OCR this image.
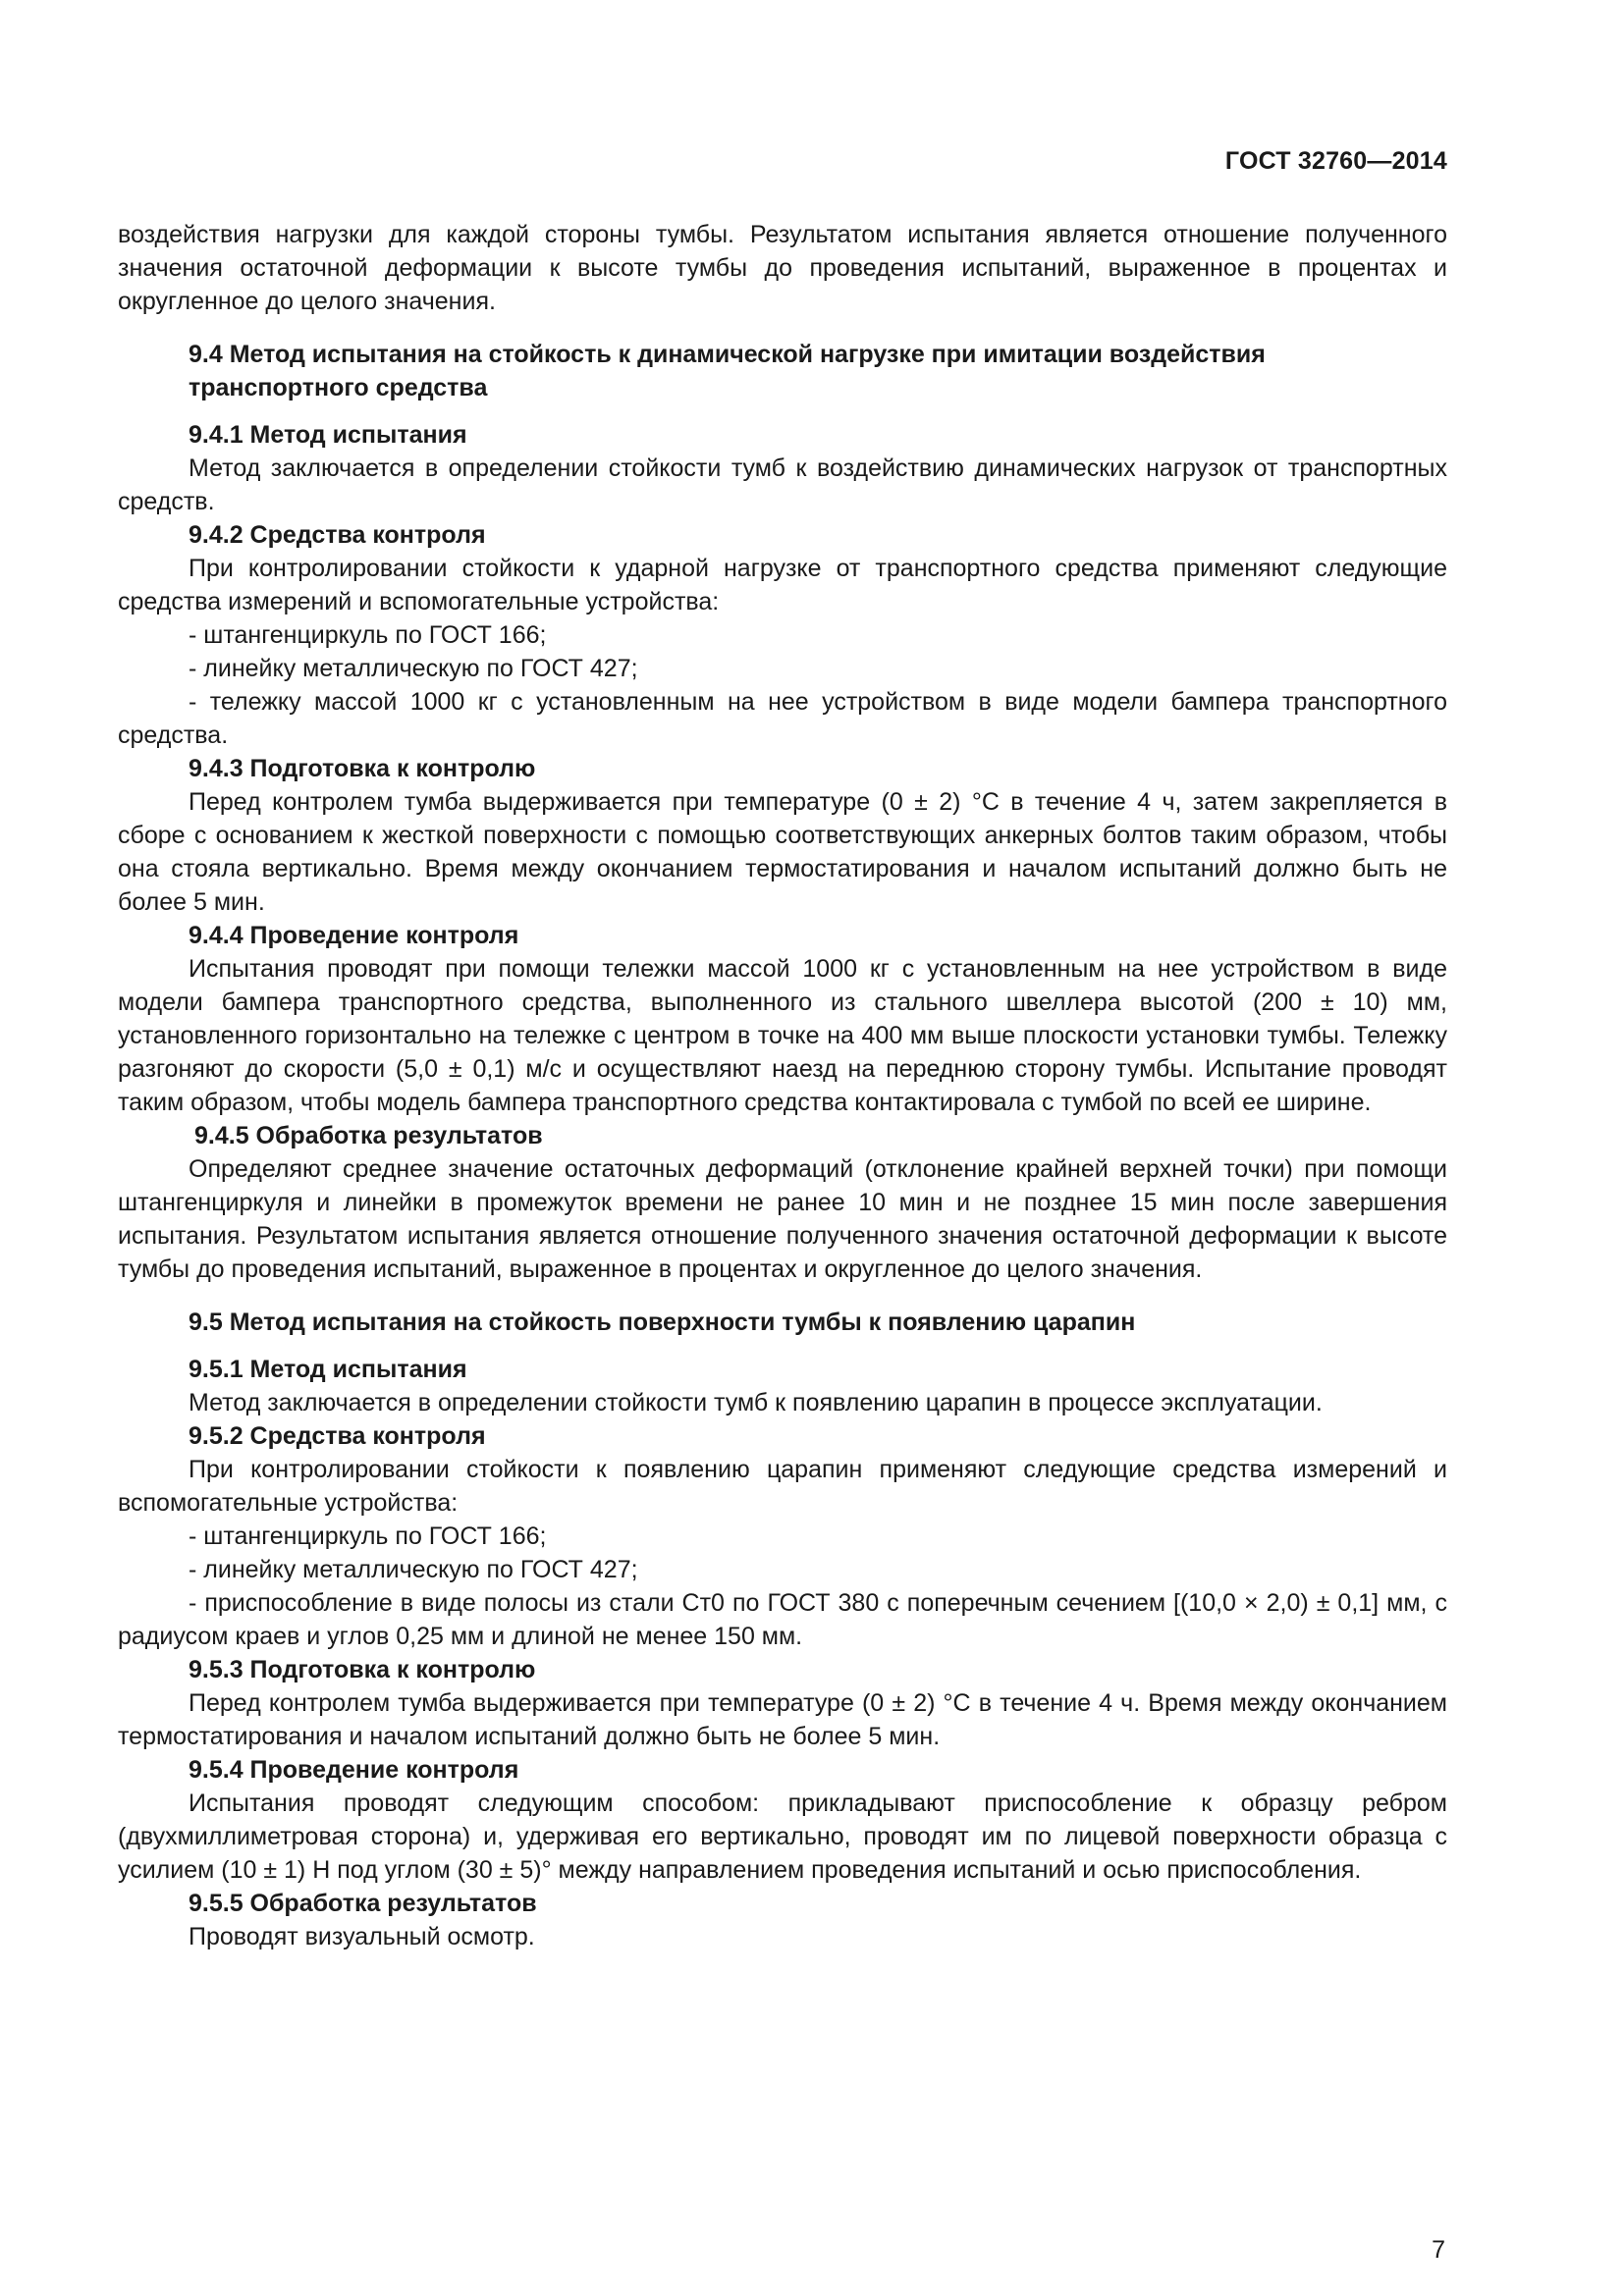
ГОСТ 32760—2014

воздействия нагрузки для каждой стороны тумбы. Результатом испытания является отношение полученного значения остаточной деформации к высоте тумбы до проведения испытаний, выраженное в процентах и округленное до целого значения.

9.4 Метод испытания на стойкость к динамической нагрузке при имитации воздействия транспортного средства

9.4.1 Метод испытания

Метод заключается в определении стойкости тумб к воздействию динамических нагрузок от транспортных средств.

9.4.2 Средства контроля

При контролировании стойкости к ударной нагрузке от транспортного средства применяют следующие средства измерений и вспомогательные устройства:

- штангенциркуль по ГОСТ 166;

- линейку металлическую по ГОСТ 427;

- тележку массой 1000 кг с установленным на нее устройством в виде модели бампера транспортного средства.

9.4.3 Подготовка к контролю

Перед контролем тумба выдерживается при температуре (0 ± 2) °С в течение 4 ч, затем закрепляется в сборе с основанием к жесткой поверхности с помощью соответствующих анкерных болтов таким образом, чтобы она стояла вертикально. Время между окончанием термостатирования и началом испытаний должно быть не более 5 мин.

9.4.4 Проведение контроля

Испытания проводят при помощи тележки массой 1000 кг с установленным на нее устройством в виде модели бампера транспортного средства, выполненного из стального швеллера высотой (200 ± 10) мм, установленного горизонтально на тележке с центром в точке на 400 мм выше плоскости установки тумбы. Тележку разгоняют до скорости (5,0 ± 0,1) м/с и осуществляют наезд на переднюю сторону тумбы. Испытание проводят таким образом, чтобы модель бампера транспортного средства контактировала с тумбой по всей ее ширине.

9.4.5 Обработка результатов

Определяют среднее значение остаточных деформаций (отклонение крайней верхней точки) при помощи штангенциркуля и линейки в промежуток времени не ранее 10 мин и не позднее 15 мин после завершения испытания. Результатом испытания является отношение полученного значения остаточной деформации к высоте тумбы до проведения испытаний, выраженное в процентах и округленное до целого значения.

9.5 Метод испытания на стойкость поверхности тумбы к появлению царапин

9.5.1 Метод испытания

Метод заключается в определении стойкости тумб к появлению царапин в процессе эксплуатации.

9.5.2 Средства контроля

При контролировании стойкости к появлению царапин применяют следующие средства измерений и вспомогательные устройства:

- штангенциркуль по ГОСТ 166;

- линейку металлическую по ГОСТ 427;

- приспособление в виде полосы из стали Ст0 по ГОСТ 380 с поперечным сечением [(10,0 × 2,0) ± 0,1] мм, с радиусом краев и углов 0,25 мм и длиной не менее 150 мм.

9.5.3 Подготовка к контролю

Перед контролем тумба выдерживается при температуре (0 ± 2) °С в течение 4 ч. Время между окончанием термостатирования и началом испытаний должно быть не более 5 мин.

9.5.4 Проведение контроля

Испытания проводят следующим способом: прикладывают приспособление к образцу ребром (двухмиллиметровая сторона) и, удерживая его вертикально, проводят им по лицевой поверхности образца с усилием (10 ± 1) Н под углом (30 ± 5)° между направлением проведения испытаний и осью приспособления.

9.5.5 Обработка результатов

Проводят визуальный осмотр.

7
